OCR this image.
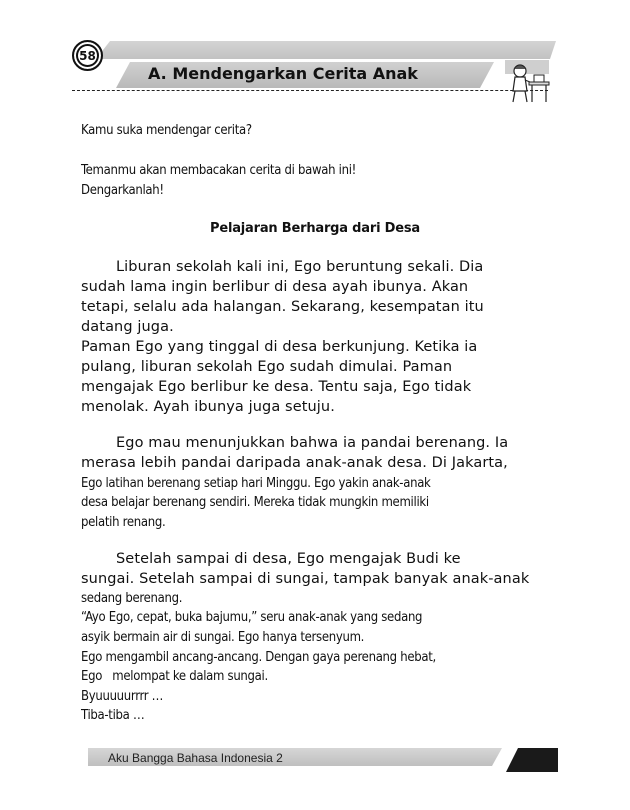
58
A. Mendengarkan Cerita Anak
Kamu suka mendengar cerita?
Temanmu akan membacakan cerita di bawah ini!
Dengarkanlah!
Pelajaran Berharga dari Desa
Liburan sekolah kali ini, Ego beruntung sekali. Dia
sudah lama ingin berlibur di desa ayah ibunya. Akan
tetapi, selalu ada halangan. Sekarang, kesempatan itu
datang juga.
Paman Ego yang tinggal di desa berkunjung. Ketika ia
pulang, liburan sekolah Ego sudah dimulai. Paman
mengajak Ego berlibur ke desa. Tentu saja, Ego tidak
menolak. Ayah ibunya juga setuju.
Ego mau menunjukkan bahwa ia pandai berenang. Ia
merasa lebih pandai daripada anak-anak desa. Di Jakarta,
Ego latihan berenang setiap hari Minggu. Ego yakin anak-anak
desa belajar berenang sendiri. Mereka tidak mungkin memiliki
pelatih renang.
Setelah sampai di desa, Ego mengajak Budi ke
sungai. Setelah sampai di sungai, tampak banyak anak-anak
sedang berenang.
“Ayo Ego, cepat, buka bajumu,” seru anak-anak yang sedang
asyik bermain air di sungai. Ego hanya tersenyum.
Ego mengambil ancang-ancang. Dengan gaya perenang hebat,
Ego   melompat ke dalam sungai.
Byuuuuurrrr …
Tiba-tiba …
Aku Bangga Bahasa Indonesia 2
